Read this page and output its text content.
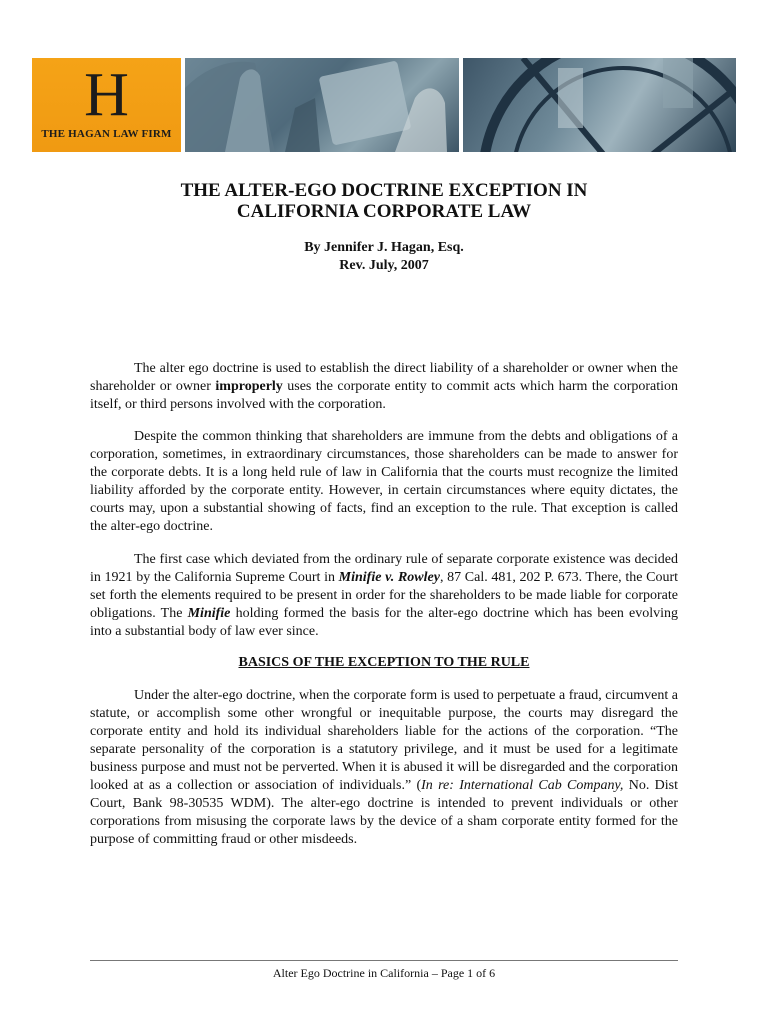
H
THE HAGAN LAW FIRM
THE ALTER-EGO DOCTRINE EXCEPTION IN
CALIFORNIA CORPORATE LAW
By Jennifer J. Hagan, Esq.
Rev. July, 2007

The alter ego doctrine is used to establish the direct liability of a shareholder or owner when the shareholder or owner improperly uses the corporate entity to commit acts which harm the corporation itself, or third persons involved with the corporation.

Despite the common thinking that shareholders are immune from the debts and obligations of a corporation, sometimes, in extraordinary circumstances, those shareholders can be made to answer for the corporate debts. It is a long held rule of law in California that the courts must recognize the limited liability afforded by the corporate entity. However, in certain circumstances where equity dictates, the courts may, upon a substantial showing of facts, find an exception to the rule. That exception is called the alter-ego doctrine.

The first case which deviated from the ordinary rule of separate corporate existence was decided in 1921 by the California Supreme Court in Minifie v. Rowley, 87 Cal. 481, 202 P. 673. There, the Court set forth the elements required to be present in order for the shareholders to be made liable for corporate obligations. The Minifie holding formed the basis for the alter-ego doctrine which has been evolving into a substantial body of law ever since.

BASICS OF THE EXCEPTION TO THE RULE

Under the alter-ego doctrine, when the corporate form is used to perpetuate a fraud, circumvent a statute, or accomplish some other wrongful or inequitable purpose, the courts may disregard the corporate entity and hold its individual shareholders liable for the actions of the corporation. “The separate personality of the corporation is a statutory privilege, and it must be used for a legitimate business purpose and must not be perverted. When it is abused it will be disregarded and the corporation looked at as a collection or association of individuals.” (In re: International Cab Company, No. Dist Court, Bank 98-30535 WDM). The alter-ego doctrine is intended to prevent individuals or other corporations from misusing the corporate laws by the device of a sham corporate entity formed for the purpose of committing fraud or other misdeeds.

Alter Ego Doctrine in California – Page 1 of 6
